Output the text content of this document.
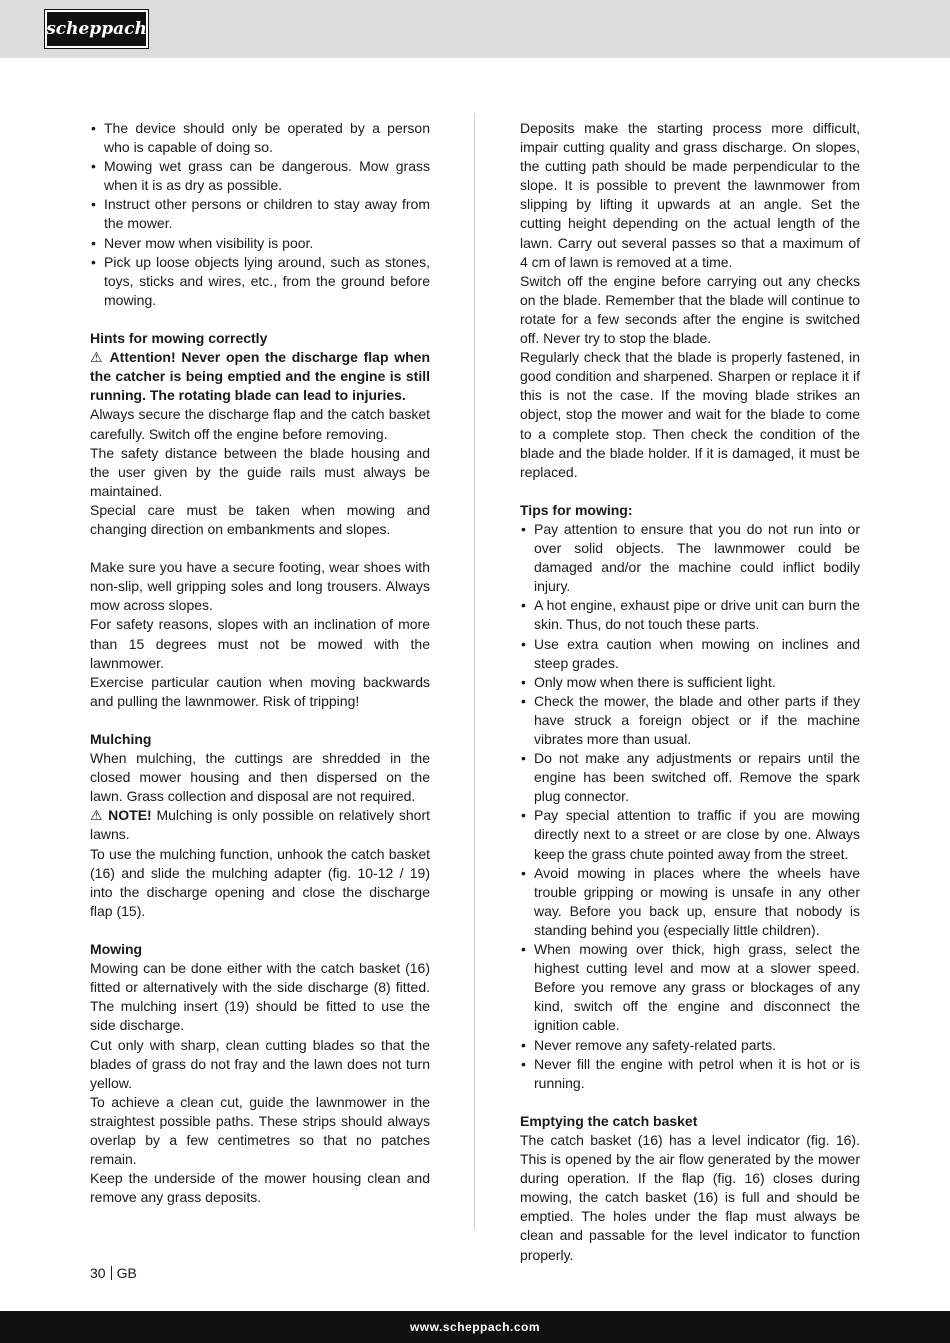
scheppach
• The device should only be operated by a person who is capable of doing so.
• Mowing wet grass can be dangerous. Mow grass when it is as dry as possible.
• Instruct other persons or children to stay away from the mower.
• Never mow when visibility is poor.
• Pick up loose objects lying around, such as stones, toys, sticks and wires, etc., from the ground before mowing.

Hints for mowing correctly

⚠ Attention! Never open the discharge flap when the catcher is being emptied and the engine is still running. The rotating blade can lead to injuries.

Always secure the discharge flap and the catch basket carefully. Switch off the engine before removing.

The safety distance between the blade housing and the user given by the guide rails must always be maintained.

Special care must be taken when mowing and changing direction on embankments and slopes.

Make sure you have a secure footing, wear shoes with non-slip, well gripping soles and long trousers. Always mow across slopes.

For safety reasons, slopes with an inclination of more than 15 degrees must not be mowed with the lawnmower.

Exercise particular caution when moving backwards and pulling the lawnmower. Risk of tripping!

Mulching

When mulching, the cuttings are shredded in the closed mower housing and then dispersed on the lawn. Grass collection and disposal are not required.

⚠ NOTE! Mulching is only possible on relatively short lawns.

To use the mulching function, unhook the catch basket (16) and slide the mulching adapter (fig. 10-12 / 19) into the discharge opening and close the discharge flap (15).

Mowing

Mowing can be done either with the catch basket (16) fitted or alternatively with the side discharge (8) fitted. The mulching insert (19) should be fitted to use the side discharge.

Cut only with sharp, clean cutting blades so that the blades of grass do not fray and the lawn does not turn yellow.

To achieve a clean cut, guide the lawnmower in the straightest possible paths. These strips should always overlap by a few centimetres so that no patches remain.

Keep the underside of the mower housing clean and remove any grass deposits.

Deposits make the starting process more difficult, impair cutting quality and grass discharge. On slopes, the cutting path should be made perpendicular to the slope. It is possible to prevent the lawnmower from slipping by lifting it upwards at an angle. Set the cutting height depending on the actual length of the lawn. Carry out several passes so that a maximum of 4 cm of lawn is removed at a time.

Switch off the engine before carrying out any checks on the blade. Remember that the blade will continue to rotate for a few seconds after the engine is switched off. Never try to stop the blade.

Regularly check that the blade is properly fastened, in good condition and sharpened. Sharpen or replace it if this is not the case. If the moving blade strikes an object, stop the mower and wait for the blade to come to a complete stop. Then check the condition of the blade and the blade holder. If it is damaged, it must be replaced.

Tips for mowing:

• Pay attention to ensure that you do not run into or over solid objects. The lawnmower could be damaged and/or the machine could inflict bodily injury.
• A hot engine, exhaust pipe or drive unit can burn the skin. Thus, do not touch these parts.
• Use extra caution when mowing on inclines and steep grades.
• Only mow when there is sufficient light.
• Check the mower, the blade and other parts if they have struck a foreign object or if the machine vibrates more than usual.
• Do not make any adjustments or repairs until the engine has been switched off. Remove the spark plug connector.
• Pay special attention to traffic if you are mowing directly next to a street or are close by one. Always keep the grass chute pointed away from the street.
• Avoid mowing in places where the wheels have trouble gripping or mowing is unsafe in any other way. Before you back up, ensure that nobody is standing behind you (especially little children).
• When mowing over thick, high grass, select the highest cutting level and mow at a slower speed. Before you remove any grass or blockages of any kind, switch off the engine and disconnect the ignition cable.
• Never remove any safety-related parts.
• Never fill the engine with petrol when it is hot or is running.

Emptying the catch basket

The catch basket (16) has a level indicator (fig. 16). This is opened by the air flow generated by the mower during operation. If the flap (fig. 16) closes during mowing, the catch basket (16) is full and should be emptied. The holes under the flap must always be clean and passable for the level indicator to function properly.

30 GB
www.scheppach.com
